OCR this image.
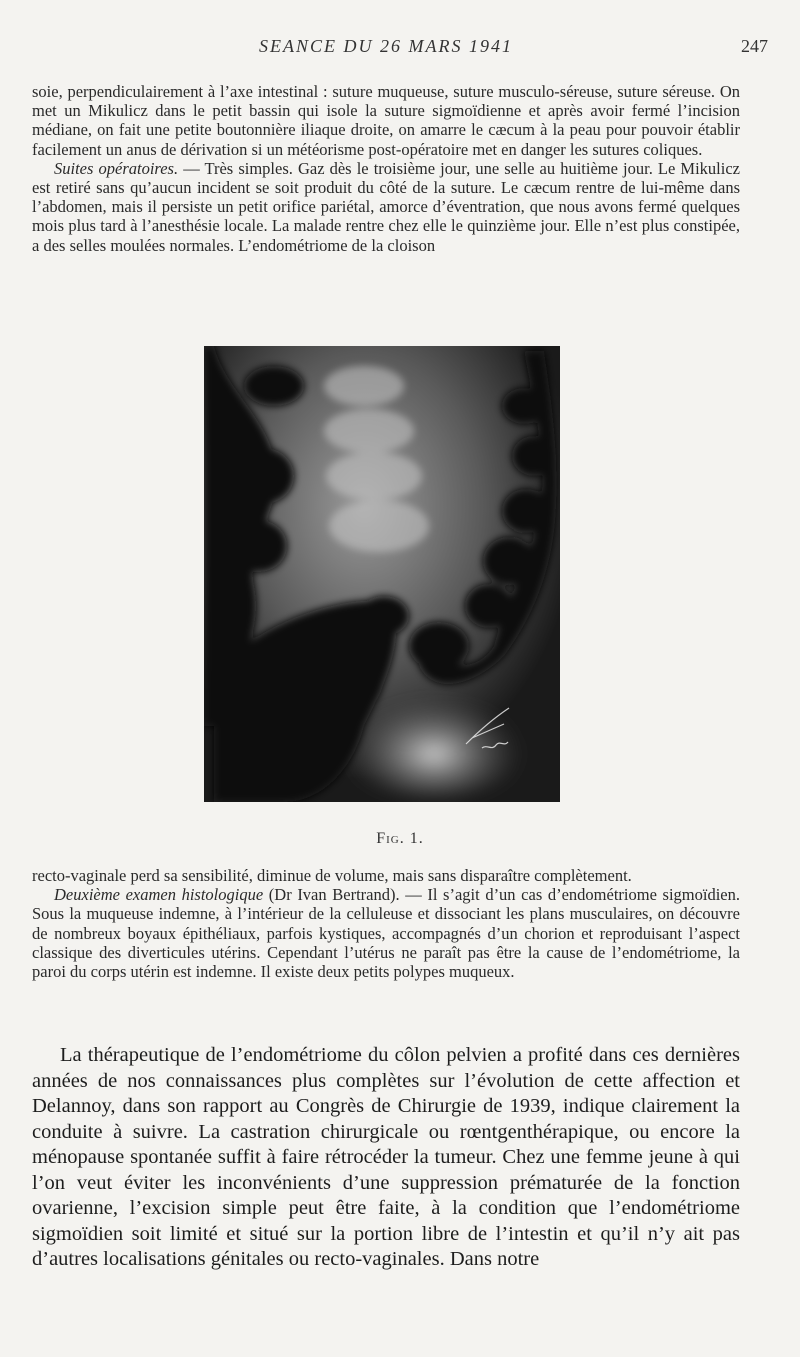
SEANCE DU 26 MARS 1941	247

soie, perpendiculairement à l’axe intestinal : suture muqueuse, suture musculo-séreuse, suture séreuse. On met un Mikulicz dans le petit bassin qui isole la suture sigmoïdienne et après avoir fermé l’incision médiane, on fait une petite boutonnière iliaque droite, on amarre le cæcum à la peau pour pouvoir établir facilement un anus de dérivation si un météorisme post-opératoire met en danger les sutures coliques.

Suites opératoires. — Très simples. Gaz dès le troisième jour, une selle au huitième jour. Le Mikulicz est retiré sans qu’aucun incident se soit produit du côté de la suture. Le cæcum rentre de lui-même dans l’abdomen, mais il persiste un petit orifice pariétal, amorce d’éventration, que nous avons fermé quelques mois plus tard à l’anesthésie locale. La malade rentre chez elle le quinzième jour. Elle n’est plus constipée, a des selles moulées normales. L’endométriome de la cloison

Fig. 1.

recto-vaginale perd sa sensibilité, diminue de volume, mais sans disparaître complètement.

Deuxième examen histologique (Dr Ivan Bertrand). — Il s’agit d’un cas d’endométriome sigmoïdien. Sous la muqueuse indemne, à l’intérieur de la celluleuse et dissociant les plans musculaires, on découvre de nombreux boyaux épithéliaux, parfois kystiques, accompagnés d’un chorion et reproduisant l’aspect classique des diverticules utérins. Cependant l’utérus ne paraît pas être la cause de l’endométriome, la paroi du corps utérin est indemne. Il existe deux petits polypes muqueux.

La thérapeutique de l’endométriome du côlon pelvien a profité dans ces dernières années de nos connaissances plus complètes sur l’évolution de cette affection et Delannoy, dans son rapport au Congrès de Chirurgie de 1939, indique clairement la conduite à suivre. La castration chirurgicale ou rœntgenthérapique, ou encore la ménopause spontanée suffit à faire rétrocéder la tumeur. Chez une femme jeune à qui l’on veut éviter les inconvénients d’une suppression prématurée de la fonction ovarienne, l’excision simple peut être faite, à la condition que l’endométriome sigmoïdien soit limité et situé sur la portion libre de l’intestin et qu’il n’y ait pas d’autres localisations génitales ou recto-vaginales. Dans notre
